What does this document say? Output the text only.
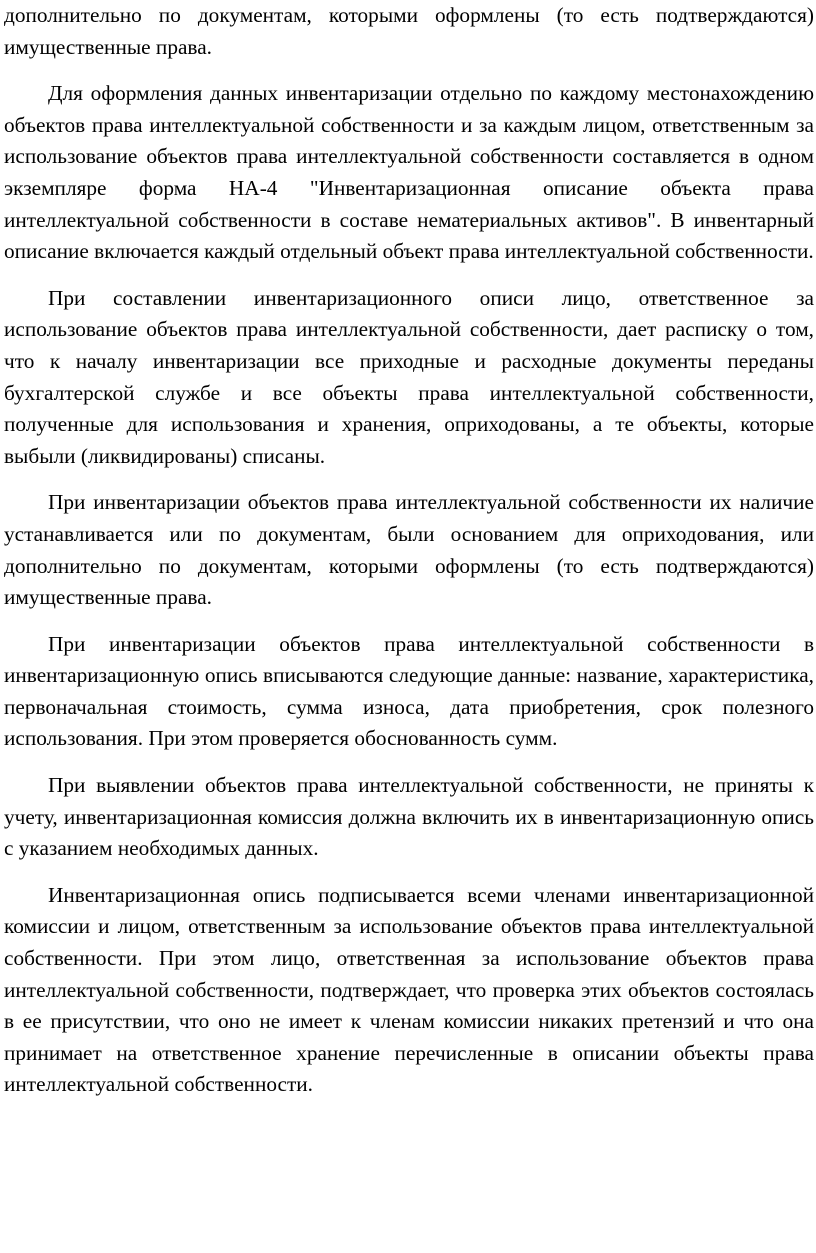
дополнительно по документам, которыми оформлены (то есть подтверждаются) имущественные права.

Для оформления данных инвентаризации отдельно по каждому местонахождению объектов права интеллектуальной собственности и за каждым лицом, ответственным за использование объектов права интеллектуальной собственности составляется в одном экземпляре форма НА-4 "Инвентаризационная описание объекта права интеллектуальной собственности в составе нематериальных активов". В инвентарный описание включается каждый отдельный объект права интеллектуальной собственности.

При составлении инвентаризационного описи лицо, ответственное за использование объектов права интеллектуальной собственности, дает расписку о том, что к началу инвентаризации все приходные и расходные документы переданы бухгалтерской службе и все объекты права интеллектуальной собственности, полученные для использования и хранения, оприходованы, а те объекты, которые выбыли (ликвидированы) списаны.

При инвентаризации объектов права интеллектуальной собственности их наличие устанавливается или по документам, были основанием для оприходования, или дополнительно по документам, которыми оформлены (то есть подтверждаются) имущественные права.

При инвентаризации объектов права интеллектуальной собственности в инвентаризационную опись вписываются следующие данные: название, характеристика, первоначальная стоимость, сумма износа, дата приобретения, срок полезного использования. При этом проверяется обоснованность сумм.

При выявлении объектов права интеллектуальной собственности, не приняты к учету, инвентаризационная комиссия должна включить их в инвентаризационную опись с указанием необходимых данных.

Инвентаризационная опись подписывается всеми членами инвентаризационной комиссии и лицом, ответственным за использование объектов права интеллектуальной собственности. При этом лицо, ответственная за использование объектов права интеллектуальной собственности, подтверждает, что проверка этих объектов состоялась в ее присутствии, что оно не имеет к членам комиссии никаких претензий и что она принимает на ответственное хранение перечисленные в описании объекты права интеллектуальной собственности.
